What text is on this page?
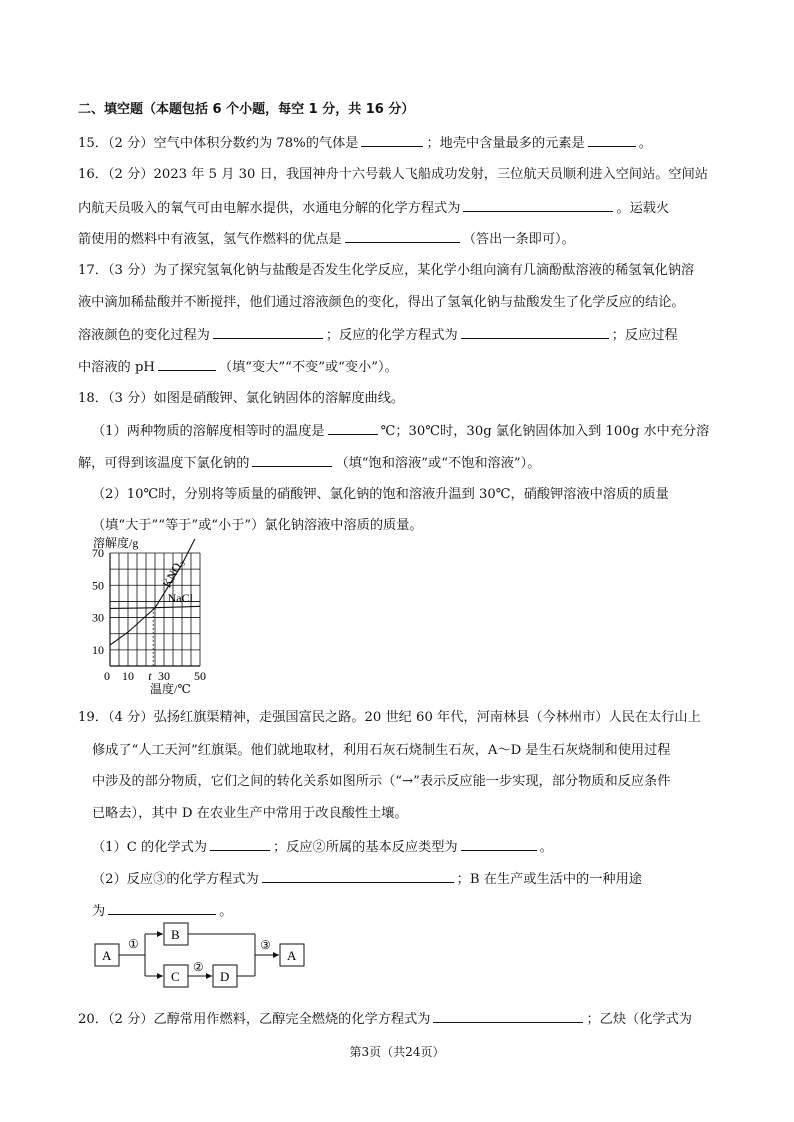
二、填空题（本题包括 6 个小题，每空 1 分，共 16 分）
15．（2 分）空气中体积分数约为 78%的气体是	；地壳中含量最多的元素是	。
16．（2 分）2023 年 5 月 30 日，我国神舟十六号载人飞船成功发射，三位航天员顺利进入空间站。空间站
内航天员吸入的氧气可由电解水提供，水通电分解的化学方程式为	。运载火
箭使用的燃料中有液氢，氢气作燃料的优点是	（答出一条即可）。
17．（3 分）为了探究氢氧化钠与盐酸是否发生化学反应，某化学小组向滴有几滴酚酞溶液的稀氢氧化钠溶
液中滴加稀盐酸并不断搅拌，他们通过溶液颜色的变化，得出了氢氧化钠与盐酸发生了化学反应的结论。
溶液颜色的变化过程为	；反应的化学方程式为	；反应过程
中溶液的 pH	（填“变大”“不变”或“变小”）。
18．（3 分）如图是硝酸钾、氯化钠固体的溶解度曲线。
（1）两种物质的溶解度相等时的温度是	℃；30℃时，30g 氯化钠固体加入到 100g 水中充分溶
解，可得到该温度下氯化钠的	（填“饱和溶液”或“不饱和溶液”）。
（2）10℃时，分别将等质量的硝酸钾、氯化钠的饱和溶液升温到 30℃，硝酸钾溶液中溶质的质量
（填“大于”“等于”或“小于”）氯化钠溶液中溶质的质量。
溶解度/g
70
50
30
10
0 10 t 30 50
KNO₃
NaCl
温度/℃
19．（4 分）弘扬红旗渠精神，走强国富民之路。20 世纪 60 年代，河南林县（今林州市）人民在太行山上
修成了“人工天河”红旗渠。他们就地取材，利用石灰石烧制生石灰，A～D 是生石灰烧制和使用过程
中涉及的部分物质，它们之间的转化关系如图所示（“→”表示反应能一步实现，部分物质和反应条件
已略去），其中 D 在农业生产中常用于改良酸性土壤。
（1）C 的化学式为	；反应②所属的基本反应类型为	。
（2）反应③的化学方程式为	；B 在生产或生活中的一种用途
为	。
A
①
B
C
②
D
③
A
20．（2 分）乙醇常用作燃料，乙醇完全燃烧的化学方程式为	；乙炔（化学式为
第3页（共24页）
